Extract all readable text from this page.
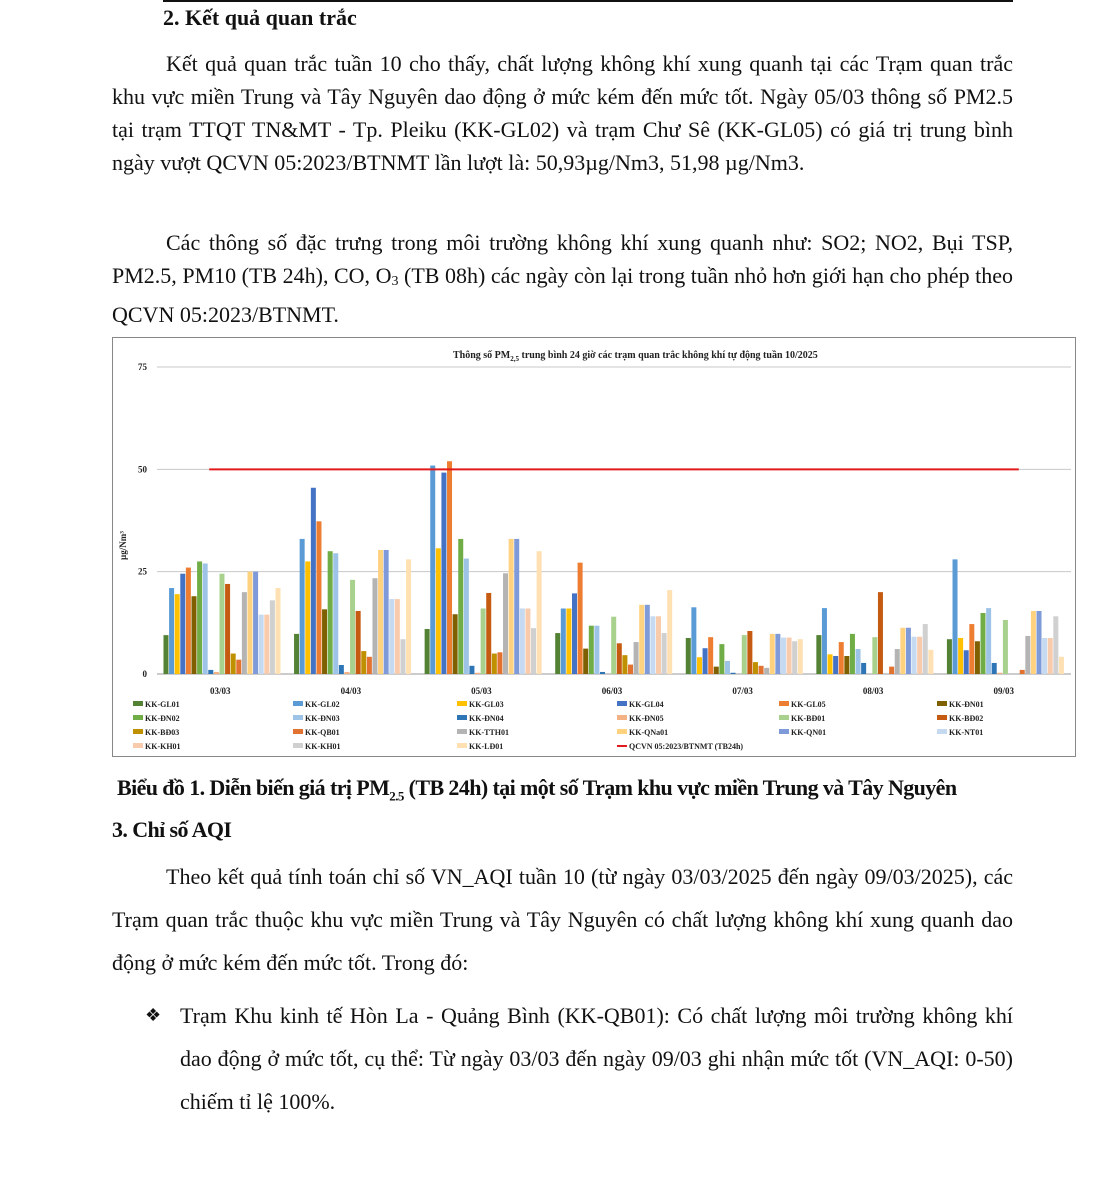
2. Kết quả quan trắc

Kết quả quan trắc tuần 10 cho thấy, chất lượng không khí xung quanh tại các Trạm quan trắc khu vực miền Trung và Tây Nguyên dao động ở mức kém đến mức tốt. Ngày 05/03 thông số PM2.5 tại trạm TTQT TN&MT - Tp. Pleiku (KK-GL02) và trạm Chư Sê (KK-GL05) có giá trị trung bình ngày vượt QCVN 05:2023/BTNMT lần lượt là: 50,93µg/Nm3, 51,98 µg/Nm3.

Các thông số đặc trưng trong môi trường không khí xung quanh như: SO2; NO2, Bụi TSP, PM2.5, PM10 (TB 24h), CO, O3 (TB 08h) các ngày còn lại trong tuần nhỏ hơn giới hạn cho phép theo QCVN 05:2023/BTNMT.

Thông số $PM_{2,5}$ trung bình 24 giờ các trạm quan trắc không khí tự động tuần 10/2025
0
25
50
75
µg/Nm³
03/03	04/03	05/03	06/03	07/03	08/03	09/03
KK-GL01	KK-GL02	KK-GL03	KK-GL04	KK-GL05	KK-ĐN01
KK-ĐN02	KK-ĐN03	KK-ĐN04	KK-ĐN05	KK-BĐ01	KK-BĐ02
KK-BĐ03	KK-QB01	KK-TTH01	KK-QNa01	KK-QN01	KK-NT01
KK-KH01	KK-KH01	KK-LĐ01	QCVN 05:2023/BTNMT (TB24h)
Biểu đồ 1. Diễn biến giá trị $PM_{2.5}$ (TB 24h) tại một số Trạm khu vực miền Trung và Tây Nguyên
3. Chỉ số AQI

Theo kết quả tính toán chỉ số VN_AQI tuần 10 (từ ngày 03/03/2025 đến ngày 09/03/2025), các Trạm quan trắc thuộc khu vực miền Trung và Tây Nguyên có chất lượng không khí xung quanh dao động ở mức kém đến mức tốt. Trong đó:

❖ Trạm Khu kinh tế Hòn La - Quảng Bình (KK-QB01): Có chất lượng môi trường không khí dao động ở mức tốt, cụ thể: Từ ngày 03/03 đến ngày 09/03 ghi nhận mức tốt (VN_AQI: 0-50) chiếm tỉ lệ 100%.
